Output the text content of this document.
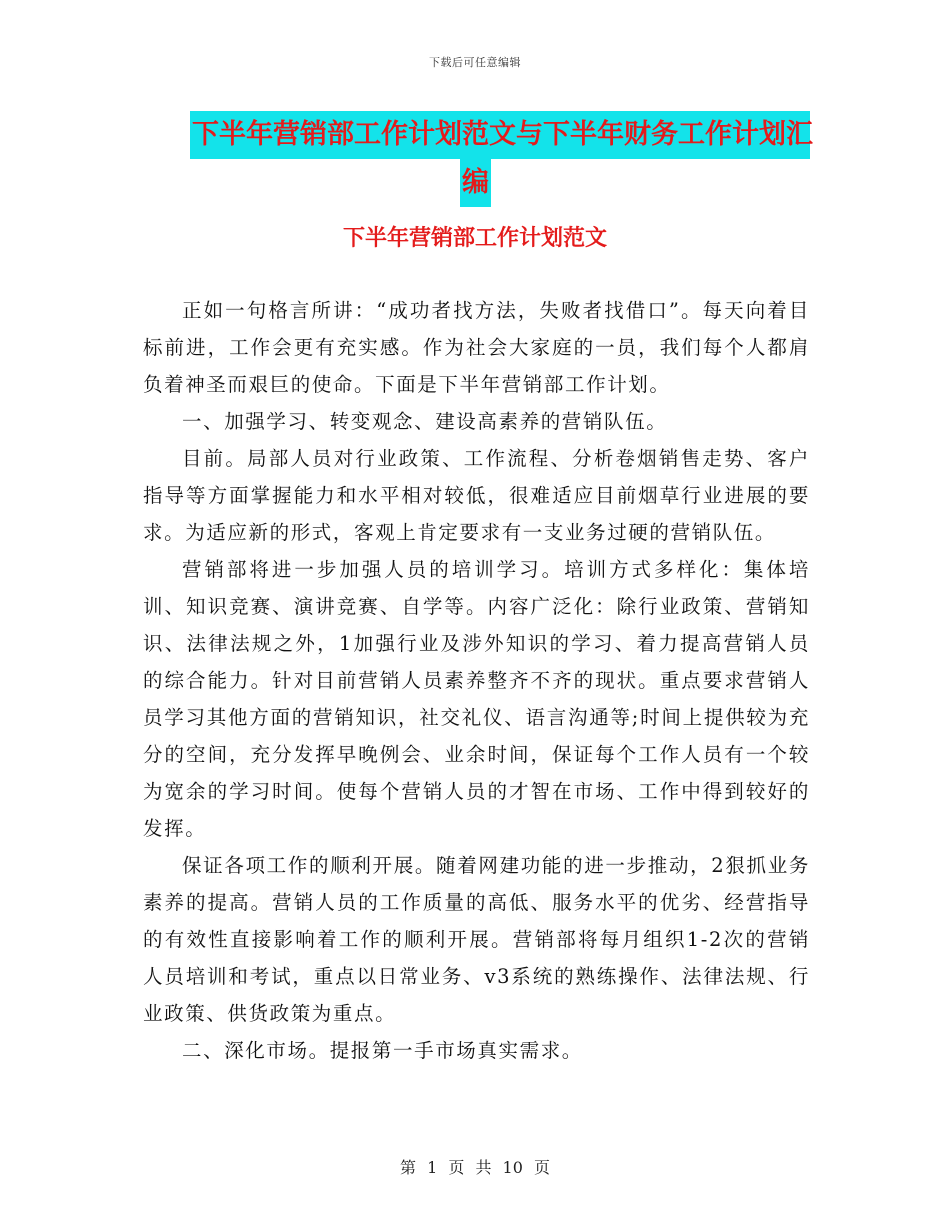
下载后可任意编辑
下半年营销部工作计划范文与下半年财务工作计划汇
编
下半年营销部工作计划范文

正如一句格言所讲：“成功者找方法，失败者找借口”。每天向着目标前进，工作会更有充实感。作为社会大家庭的一员，我们每个人都肩负着神圣而艰巨的使命。下面是下半年营销部工作计划。

一、加强学习、转变观念、建设高素养的营销队伍。

目前。局部人员对行业政策、工作流程、分析卷烟销售走势、客户指导等方面掌握能力和水平相对较低，很难适应目前烟草行业进展的要求。为适应新的形式，客观上肯定要求有一支业务过硬的营销队伍。

营销部将进一步加强人员的培训学习。培训方式多样化：集体培训、知识竞赛、演讲竞赛、自学等。内容广泛化：除行业政策、营销知识、法律法规之外，1加强行业及涉外知识的学习、着力提高营销人员的综合能力。针对目前营销人员素养整齐不齐的现状。重点要求营销人员学习其他方面的营销知识，社交礼仪、语言沟通等;时间上提供较为充分的空间，充分发挥早晚例会、业余时间，保证每个工作人员有一个较为宽余的学习时间。使每个营销人员的才智在市场、工作中得到较好的发挥。

保证各项工作的顺利开展。随着网建功能的进一步推动，2狠抓业务素养的提高。营销人员的工作质量的高低、服务水平的优劣、经营指导的有效性直接影响着工作的顺利开展。营销部将每月组织1-2次的营销人员培训和考试，重点以日常业务、v3系统的熟练操作、法律法规、行业政策、供货政策为重点。

二、深化市场。提报第一手市场真实需求。

第 1 页 共 10 页
